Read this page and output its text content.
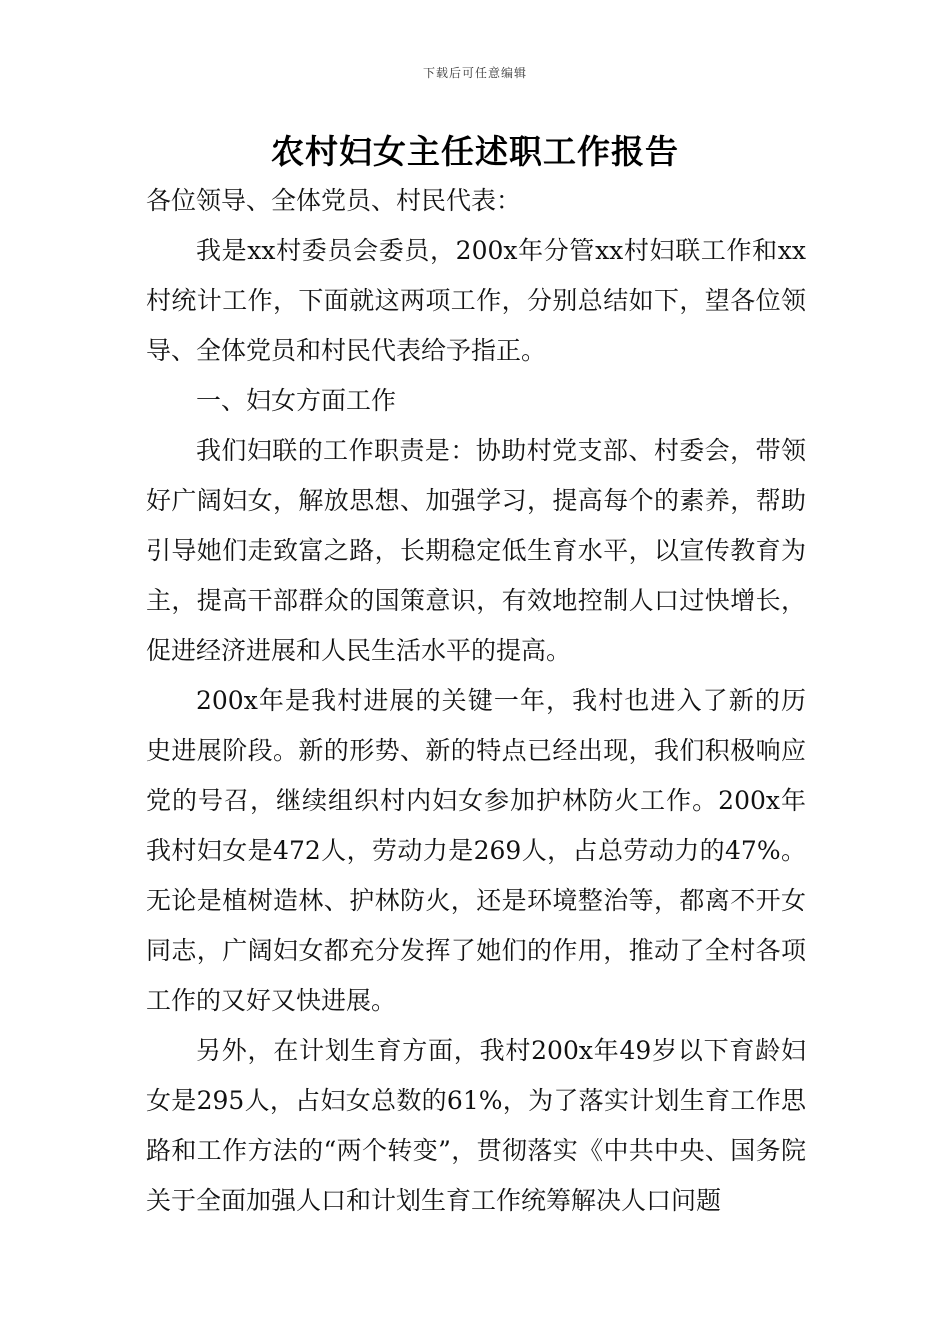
下载后可任意编辑
农村妇女主任述职工作报告

各位领导、全体党员、村民代表：

我是xx村委员会委员，200x年分管xx村妇联工作和xx村统计工作，下面就这两项工作，分别总结如下，望各位领导、全体党员和村民代表给予指正。

一、妇女方面工作

我们妇联的工作职责是：协助村党支部、村委会，带领好广阔妇女，解放思想、加强学习，提高每个的素养，帮助引导她们走致富之路，长期稳定低生育水平，以宣传教育为主，提高干部群众的国策意识，有效地控制人口过快增长，促进经济进展和人民生活水平的提高。

200x年是我村进展的关键一年，我村也进入了新的历史进展阶段。新的形势、新的特点已经出现，我们积极响应党的号召，继续组织村内妇女参加护林防火工作。200x年我村妇女是472人，劳动力是269人，占总劳动力的47%。无论是植树造林、护林防火，还是环境整治等，都离不开女同志，广阔妇女都充分发挥了她们的作用，推动了全村各项工作的又好又快进展。

另外，在计划生育方面，我村200x年49岁以下育龄妇女是295人，占妇女总数的61%，为了落实计划生育工作思路和工作方法的“两个转变”，贯彻落实《中共中央、国务院关于全面加强人口和计划生育工作统筹解决人口问题
